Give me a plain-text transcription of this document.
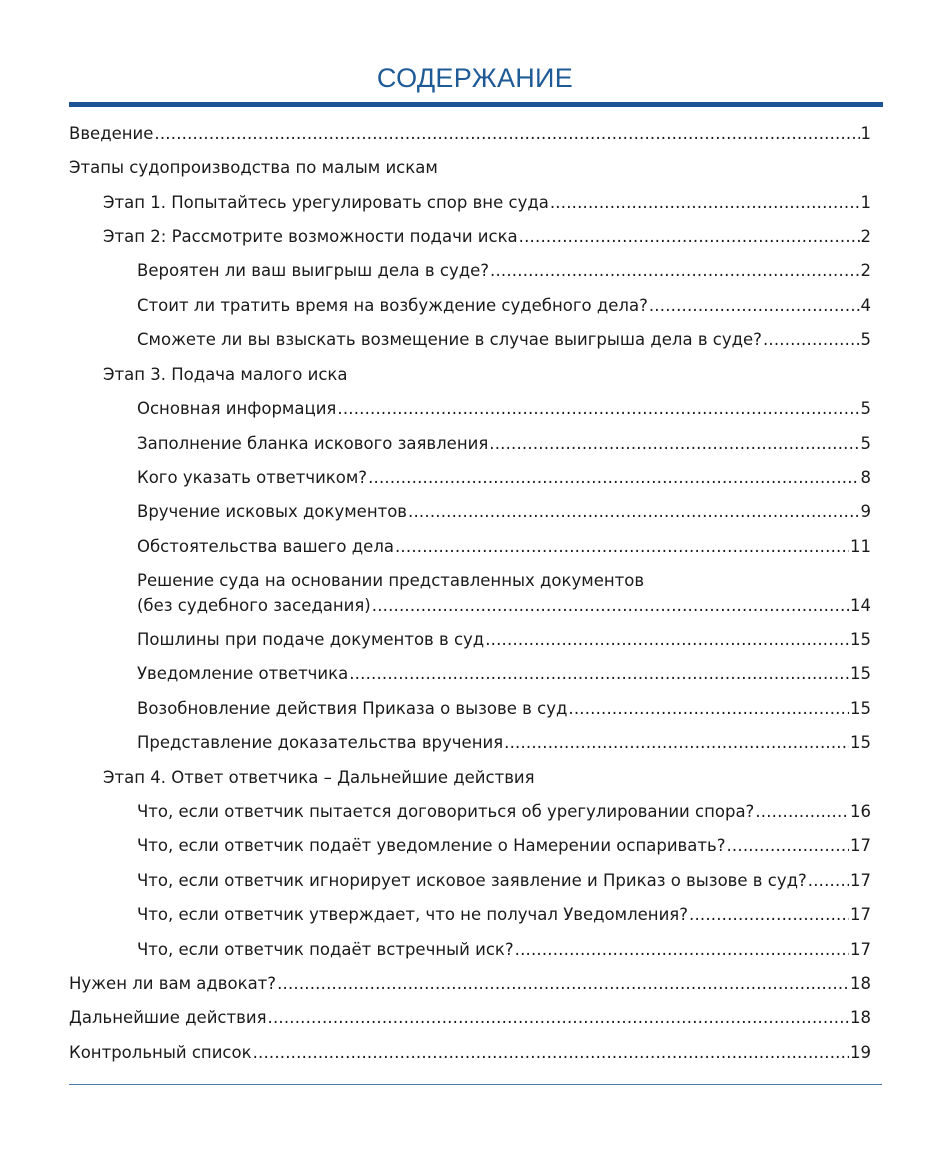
СОДЕРЖАНИЕ
Введение .....	1
Этапы судопроизводства по малым искам
Этап 1. Попытайтесь урегулировать спор вне суда .....	1
Этап 2: Рассмотрите возможности подачи иска .....	2
Вероятен ли ваш выигрыш дела в суде? .....	2
Стоит ли тратить время на возбуждение судебного дела? .....	4
Сможете ли вы взыскать возмещение в случае выигрыша дела в суде? .....	5
Этап 3. Подача малого иска
Основная информация .....	5
Заполнение бланка искового заявления .....	5
Кого указать ответчиком? .....	8
Вручение исковых документов .....	9
Обстоятельства вашего дела .....	11
Решение суда на основании представленных документов
(без судебного заседания) .....	14
Пошлины при подаче документов в суд .....	15
Уведомление ответчика .....	15
Возобновление действия Приказа о вызове в суд .....	15
Представление доказательства вручения .....	15
Этап 4. Ответ ответчика – Дальнейшие действия
Что, если ответчик пытается договориться об урегулировании спора? .....	16
Что, если ответчик подаёт уведомление о Намерении оспаривать? .....	17
Что, если ответчик игнорирует исковое заявление и Приказ о вызове в суд? .....	17
Что, если ответчик утверждает, что не получал Уведомления? .....	17
Что, если ответчик подаёт встречный иск? .....	17
Нужен ли вам адвокат? .....	18
Дальнейшие действия .....	18
Контрольный список .....	19
